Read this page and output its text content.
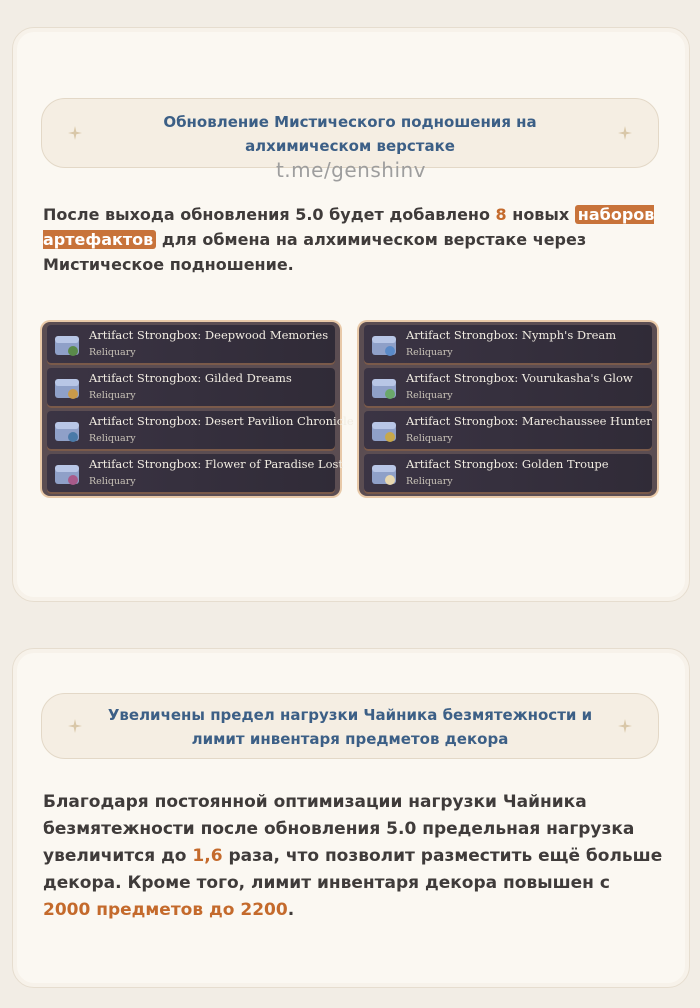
Обновление Мистического подношения на
алхимическом верстаке
t.me/genshinv
После выхода обновления 5.0 будет добавлено 8 новых наборов артефактов для обмена на алхимическом верстаке через Мистическое подношение.
Artifact Strongbox: Deepwood Memories
Reliquary
Artifact Strongbox: Gilded Dreams
Reliquary
Artifact Strongbox: Desert Pavilion Chronicle
Reliquary
Artifact Strongbox: Flower of Paradise Lost
Reliquary
Artifact Strongbox: Nymph's Dream
Reliquary
Artifact Strongbox: Vourukasha's Glow
Reliquary
Artifact Strongbox: Marechaussee Hunter
Reliquary
Artifact Strongbox: Golden Troupe
Reliquary
Увеличены предел нагрузки Чайника безмятежности и
лимит инвентаря предметов декора
Благодаря постоянной оптимизации нагрузки Чайника безмятежности после обновления 5.0 предельная нагрузка увеличится до 1,6 раза, что позволит разместить ещё больше декора. Кроме того, лимит инвентаря декора повышен с 2000 предметов до 2200.
